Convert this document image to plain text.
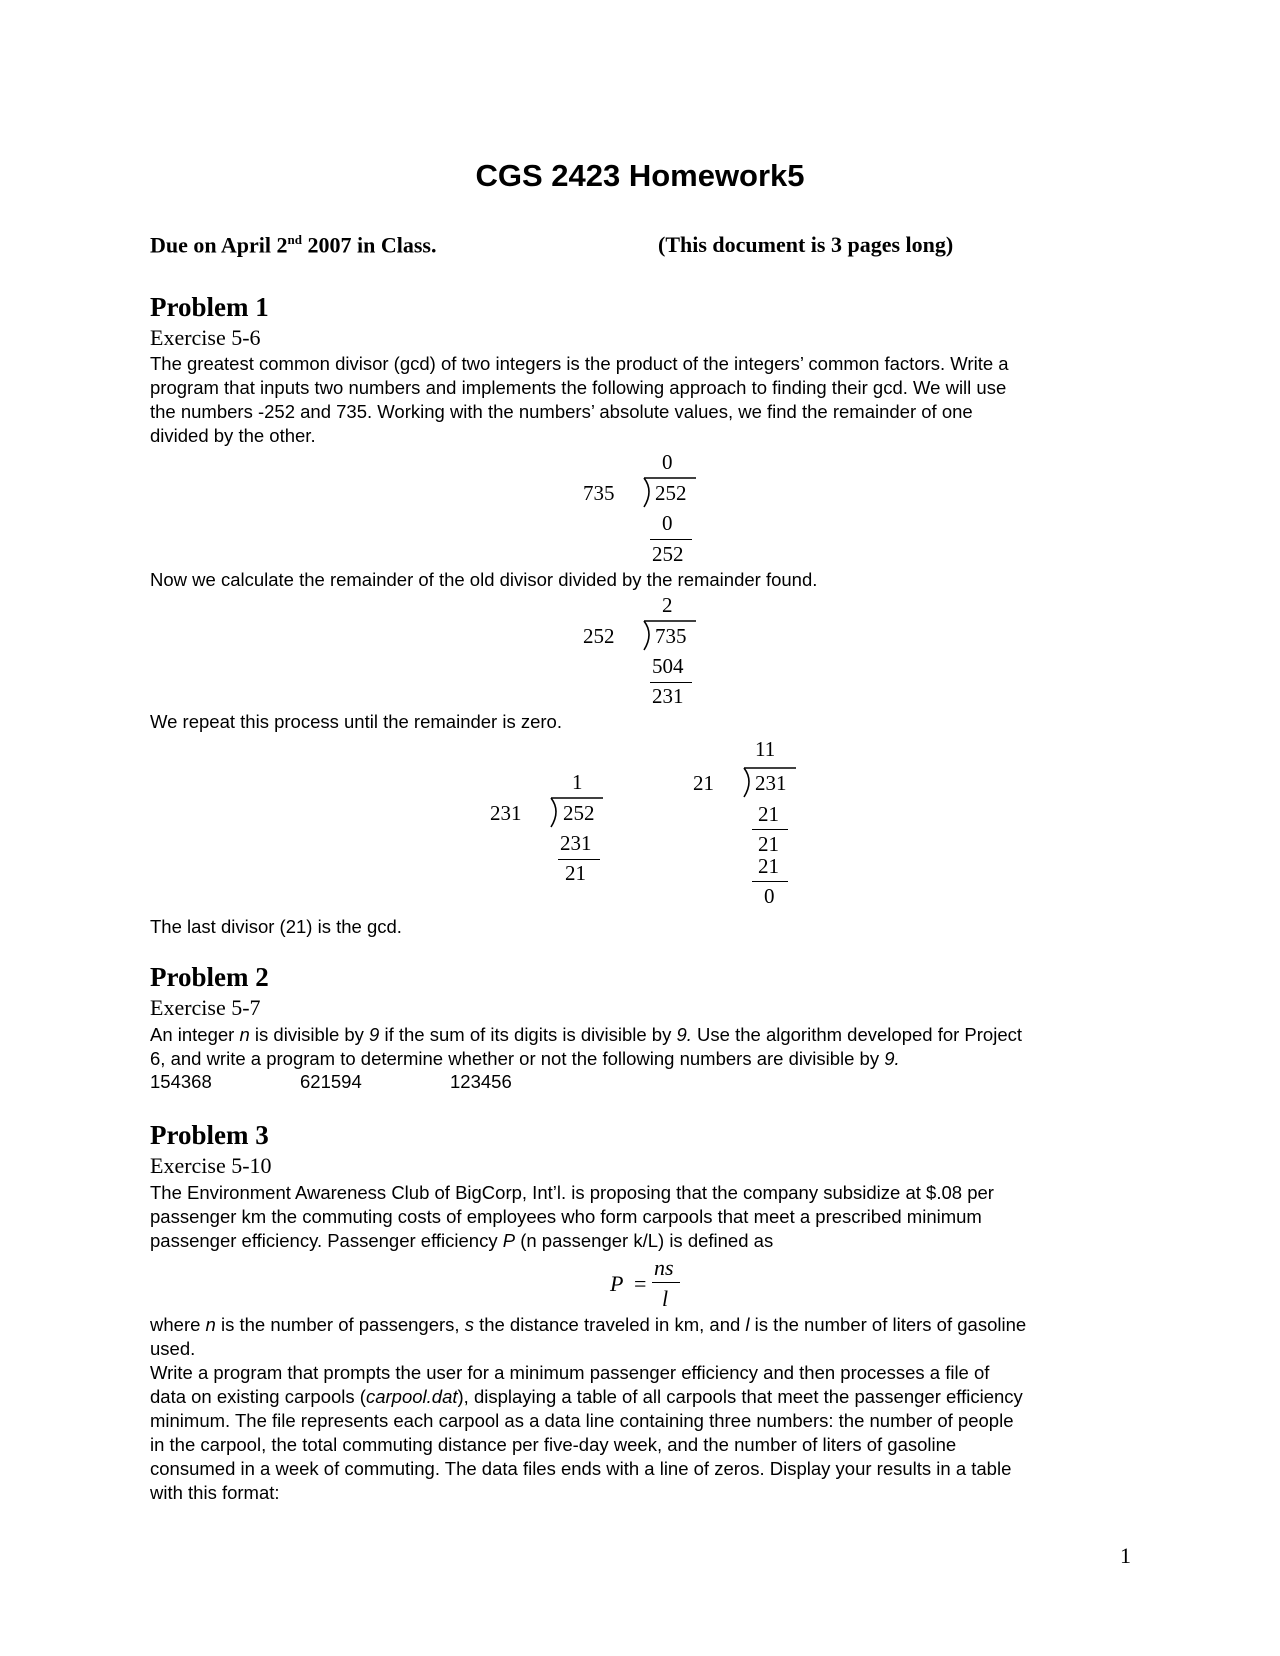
CGS 2423 Homework5
Due on April 2nd 2007 in Class.	(This document is 3 pages long)
Problem 1
Exercise 5-6
The greatest common divisor (gcd) of two integers is the product of the integers’ common factors. Write a
program that inputs two numbers and implements the following approach to finding their gcd. We will use
the numbers -252 and 735. Working with the numbers’ absolute values, we find the remainder of one
divided by the other.
0
735 252
0
252
Now we calculate the remainder of the old divisor divided by the remainder found.
2
252 735
504
231
We repeat this process until the remainder is zero.
1
231 252
231
21
11
21 231
21
21
21
0
The last divisor (21) is the gcd.
Problem 2
Exercise 5-7
An integer n is divisible by 9 if the sum of its digits is divisible by 9. Use the algorithm developed for Project
6, and write a program to determine whether or not the following numbers are divisible by 9.
154368	621594	123456
Problem 3
Exercise 5-10
The Environment Awareness Club of BigCorp, Int’l. is proposing that the company subsidize at $.08 per
passenger km the commuting costs of employees who form carpools that meet a prescribed minimum
passenger efficiency. Passenger efficiency P (n passenger k/L) is defined as
P =
ns
l
where n is the number of passengers, s the distance traveled in km, and l is the number of liters of gasoline
used.
Write a program that prompts the user for a minimum passenger efficiency and then processes a file of
data on existing carpools (carpool.dat), displaying a table of all carpools that meet the passenger efficiency
minimum. The file represents each carpool as a data line containing three numbers: the number of people
in the carpool, the total commuting distance per five-day week, and the number of liters of gasoline
consumed in a week of commuting. The data files ends with a line of zeros. Display your results in a table
with this format:
1
